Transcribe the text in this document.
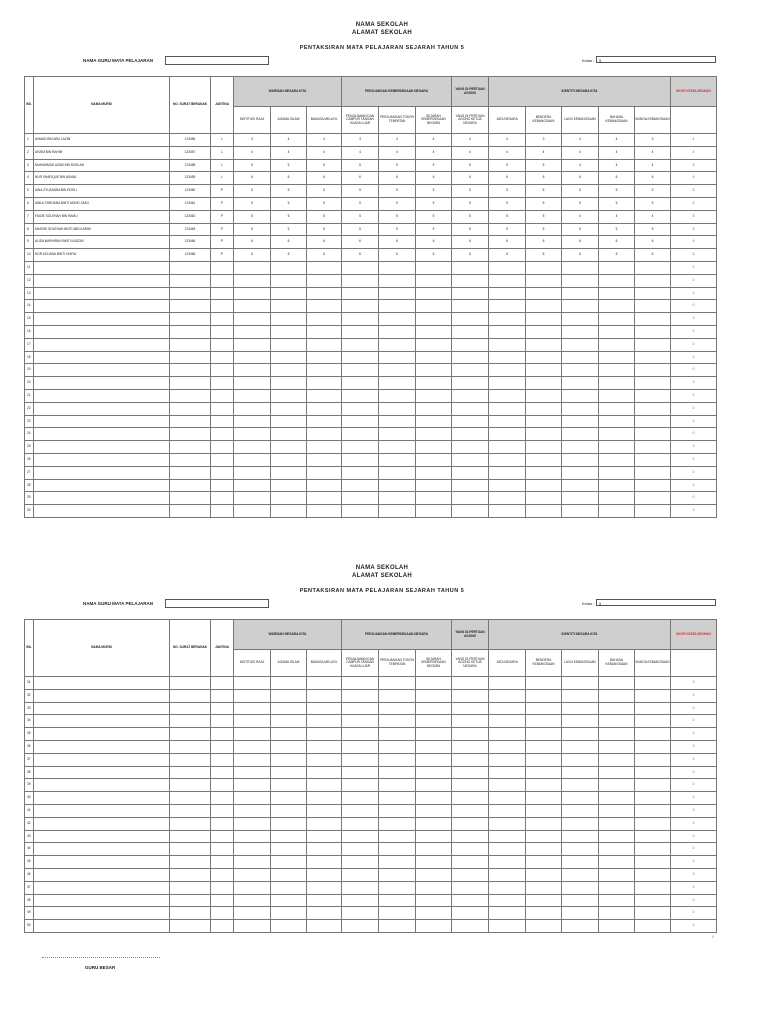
NAMA SEKOLAH
ALAMAT SEKOLAH
PENTAKSIRAN MATA PELAJARAN SEJARAH TAHUN 5
NAMA GURU MATA PELAJARAN	Kelas :	5
BIL	NAMA MURID	NO. SURAT BERANAK	JANTINA	WARISAN NEGARA KITA			PERJUANGAN KEMERDEKAAN NEGARA			YANG DI-PERTUAN AGONG	IDENTITI NEGARA KITA					SKOR KESELURUHAN
				INSTITUSI RAJA	AGAMA ISLAM	BAHASA MELAYU	PENJAJAHAN DAN CAMPUR TANGAN KUASA LUAR	PERJUANGAN TOKOH TEMPATAN	SEJARAH KEMERDEKAAN NEGARA	YANG DI-PERTUAN AGONG KETUA NEGARA	JATA NEGARA	BENDERA KEBANGSAAN	LAGU KEBANGSAAN	BAHASA KEBANGSAAN	BUNGA KEBANGSAAN	
1	AHMAD BIN ABU LAZIM	123456	L	3	4	4	3	4	4	4	4	3	4	4	3	4
2	AHZIM BIN RAHIM	123457	L	4	4	4	4	4	4	4	4	4	4	4	4	4
3	MUHAMMAD AZAM BIN ROSLAN	123458	L	5	5	5	5	5	5	5	5	5	4	4	4	5
4	NUR SHAFIQUE BIN AKMAL	123459	L	6	6	6	6	6	6	6	6	6	6	6	6	6
5	AINA ZYUZANNA BIN ROSLI	123460	P	5	5	5	5	5	5	5	5	5	5	5	5	5
6	AINUL FARHANA BINTI MOHD ZAIDI	123461	P	5	5	5	5	5	5	5	5	5	5	5	5	5
7	FAIZIE SOLEHAH BIN RAMLI	123462	P	5	5	5	5	5	5	5	5	5	4	4	4	5
8	MAISHE SOLEHAH BINTI ABD KARIM	123463	P	5	5	5	5	5	5	5	5	5	5	5	5	5
9	ALISA MASHIRAH BINTI KADZIM	123464	P	6	6	6	6	6	6	6	6	6	6	6	6	6
10	NOR AZLIANA BINTI YAHYA	123465	P	6	6	6	6	6	6	6	6	6	6	6	6	6
11																0
12																0
13																0
14																0
15																0
16																0
17																0
18																0
19																0
20																0
21																0
22																0
23																0
24																0
25																0
26																0
27																0
28																0
29																0
30																0
NAMA SEKOLAH
ALAMAT SEKOLAH
PENTAKSIRAN MATA PELAJARAN SEJARAH TAHUN 5
NAMA GURU MATA PELAJARAN	Kelas :	5
BIL	NAMA MURID	NO. SURAT BERANAK	JANTINA	WARISAN NEGARA KITA			PERJUANGAN KEMERDEKAAN NEGARA			YANG DI-PERTUAN AGONG	IDENTITI NEGARA KITA					SKOR KESELURUHAN
				INSTITUSI RAJA	AGAMA ISLAM	BAHASA MELAYU	PENJAJAHAN DAN CAMPUR TANGAN KUASA LUAR	PERJUANGAN TOKOH TEMPATAN	SEJARAH KEMERDEKAAN NEGARA	YANG DI-PERTUAN AGONG KETUA NEGARA	JATA NEGARA	BENDERA KEBANGSAAN	LAGU KEBANGSAAN	BAHASA KEBANGSAAN	BUNGA KEBANGSAAN	
31																0
32																0
33																0
34																0
35																0
36																0
37																0
38																0
39																0
40																0
41																0
42																0
43																0
44																0
45																0
46																0
47																0
48																0
49																0
50																0
0
GURU BESAR
